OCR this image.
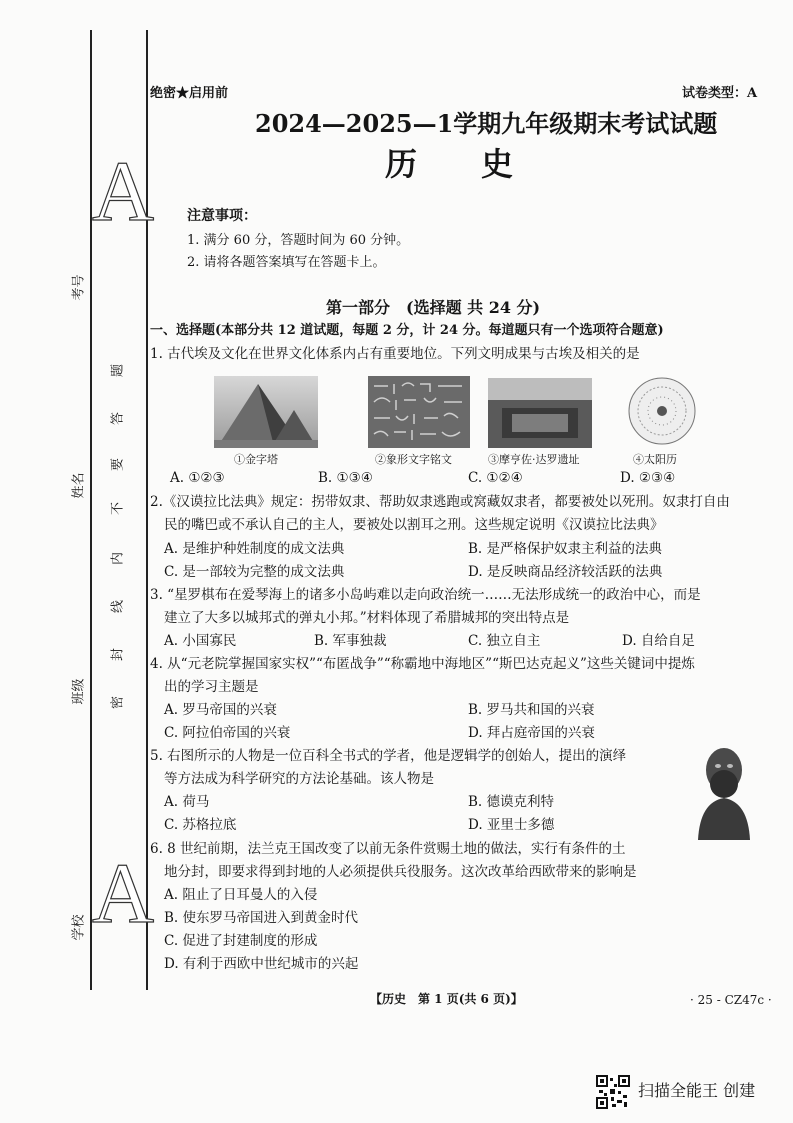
A
A
考号
姓名
班级
学校
题
答
要
不
内
线
封
密
绝密★启用前	试卷类型：A
2024—2025—1学期九年级期末考试试题
历　　史
注意事项：
1. 满分 60 分，答题时间为 60 分钟。
2. 请将各题答案填写在答题卡上。
第一部分　(选择题 共 24 分)
一、选择题(本部分共 12 道试题，每题 2 分，计 24 分。每道题只有一个选项符合题意)
1. 古代埃及文化在世界文化体系内占有重要地位。下列文明成果与古埃及相关的是
①金字塔	②象形文字铭文	③摩亨佐·达罗遗址	④太阳历
A. ①②③	B. ①③④	C. ①②④	D. ②③④
2.《汉谟拉比法典》规定：拐带奴隶、帮助奴隶逃跑或窝藏奴隶者，都要被处以死刑。奴隶打自由
民的嘴巴或不承认自己的主人，要被处以割耳之刑。这些规定说明《汉谟拉比法典》
A. 是维护种姓制度的成文法典	B. 是严格保护奴隶主利益的法典
C. 是一部较为完整的成文法典	D. 是反映商品经济较活跃的法典
3. “星罗棋布在爱琴海上的诸多小岛屿难以走向政治统一……无法形成统一的政治中心，而是
建立了大多以城邦式的弹丸小邦。”材料体现了希腊城邦的突出特点是
A. 小国寡民	B. 军事独裁	C. 独立自主	D. 自给自足
4. 从“元老院掌握国家实权”“布匿战争”“称霸地中海地区”“斯巴达克起义”这些关键词中提炼
出的学习主题是
A. 罗马帝国的兴衰	B. 罗马共和国的兴衰
C. 阿拉伯帝国的兴衰	D. 拜占庭帝国的兴衰
5. 右图所示的人物是一位百科全书式的学者，他是逻辑学的创始人，提出的演绎
等方法成为科学研究的方法论基础。该人物是
A. 荷马	B. 德谟克利特
C. 苏格拉底	D. 亚里士多德
6. 8 世纪前期，法兰克王国改变了以前无条件赏赐土地的做法，实行有条件的土
地分封，即要求得到封地的人必须提供兵役服务。这次改革给西欧带来的影响是
A. 阻止了日耳曼人的入侵
B. 使东罗马帝国进入到黄金时代
C. 促进了封建制度的形成
D. 有利于西欧中世纪城市的兴起
【历史　第 1 页(共 6 页)】	· 25 - CZ47c ·
扫描全能王 创建
